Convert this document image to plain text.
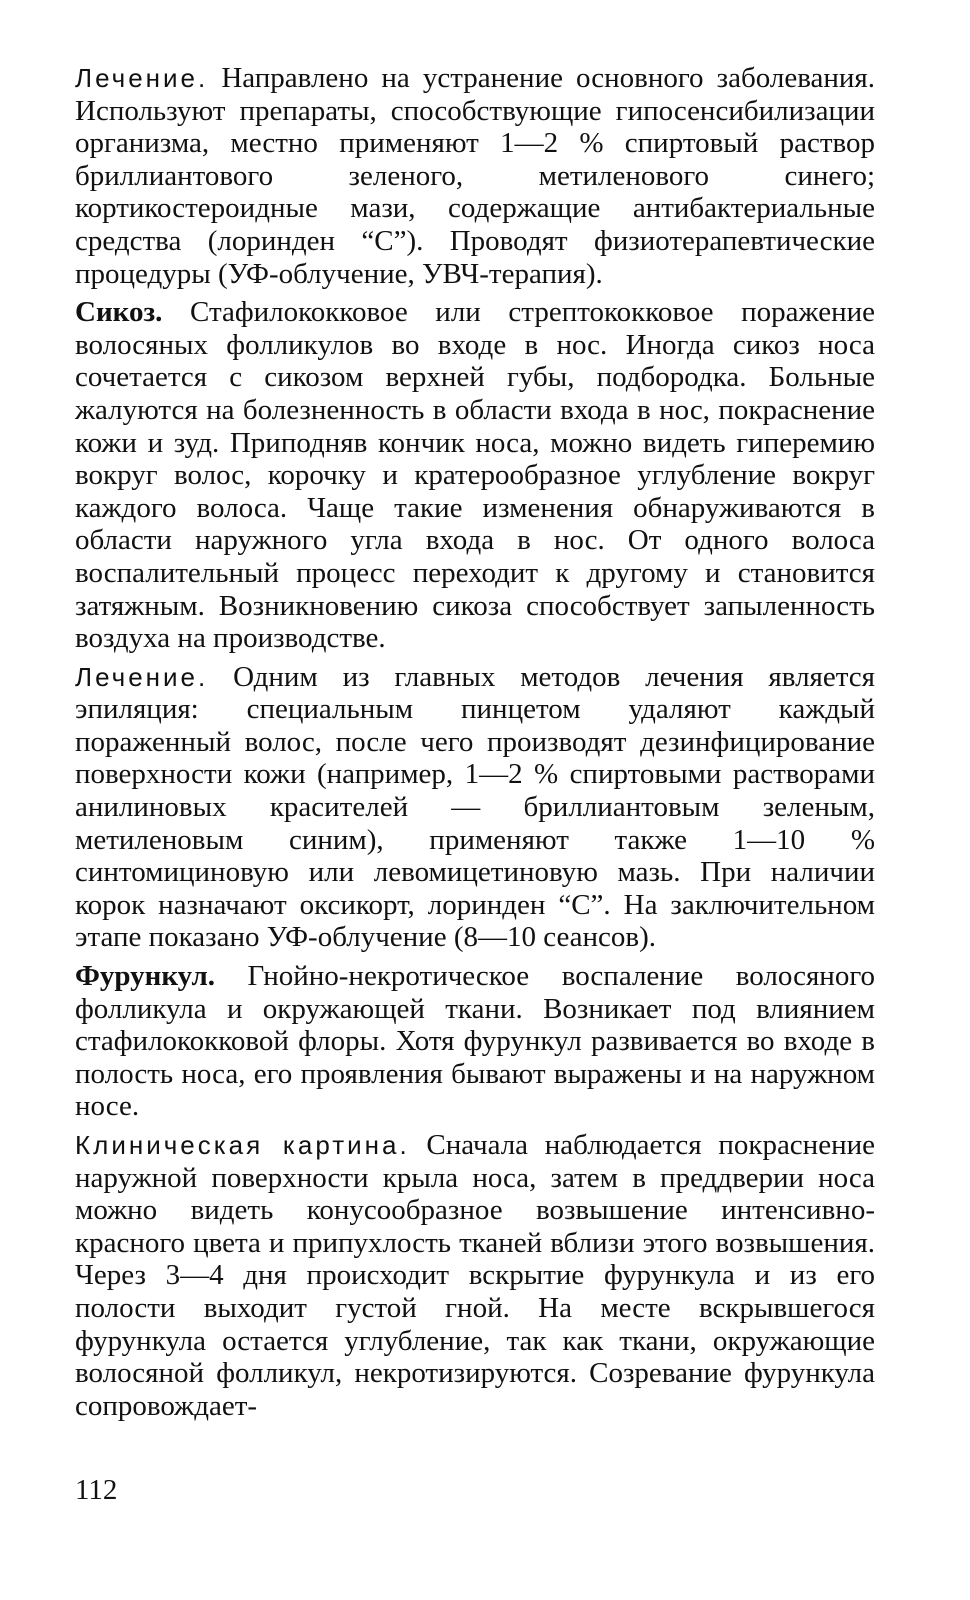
Лечение. Направлено на устранение основного заболевания. Используют препараты, способствующие гипосенсибилизации организма, местно применяют 1—2 % спиртовый раствор бриллиантового зеленого, метиленового синего; кортикостероидные мази, содержащие антибактериальные средства (лоринден “С”). Проводят физиотерапевтические процедуры (УФ-облучение, УВЧ-терапия).

Сикоз. Стафилококковое или стрептококковое поражение волосяных фолликулов во входе в нос. Иногда сикоз носа сочетается с сикозом верхней губы, подбородка. Больные жалуются на болезненность в области входа в нос, покраснение кожи и зуд. Приподняв кончик носа, можно видеть гиперемию вокруг волос, корочку и кратерообразное углубление вокруг каждого волоса. Чаще такие изменения обнаруживаются в области наружного угла входа в нос. От одного волоса воспалительный процесс переходит к другому и становится затяжным. Возникновению сикоза способствует запыленность воздуха на производстве.

Лечение. Одним из главных методов лечения является эпиляция: специальным пинцетом удаляют каждый пораженный волос, после чего производят дезинфицирование поверхности кожи (например, 1—2 % спиртовыми растворами анилиновых красителей — бриллиантовым зеленым, метиленовым синим), применяют также 1—10 % синтомициновую или левомицетиновую мазь. При наличии корок назначают оксикорт, лоринден “С”. На заключительном этапе показано УФ-облучение (8—10 сеансов).

Фурункул. Гнойно-некротическое воспаление волосяного фолликула и окружающей ткани. Возникает под влиянием стафилококковой флоры. Хотя фурункул развивается во входе в полость носа, его проявления бывают выражены и на наружном носе.

Клиническая картина. Сначала наблюдается покраснение наружной поверхности крыла носа, затем в преддверии носа можно видеть конусообразное возвышение интенсивно-красного цвета и припухлость тканей вблизи этого возвышения. Через 3—4 дня происходит вскрытие фурункула и из его полости выходит густой гной. На месте вскрывшегося фурункула остается углубление, так как ткани, окружающие волосяной фолликул, некротизируются. Созревание фурункула сопровождает-

112
